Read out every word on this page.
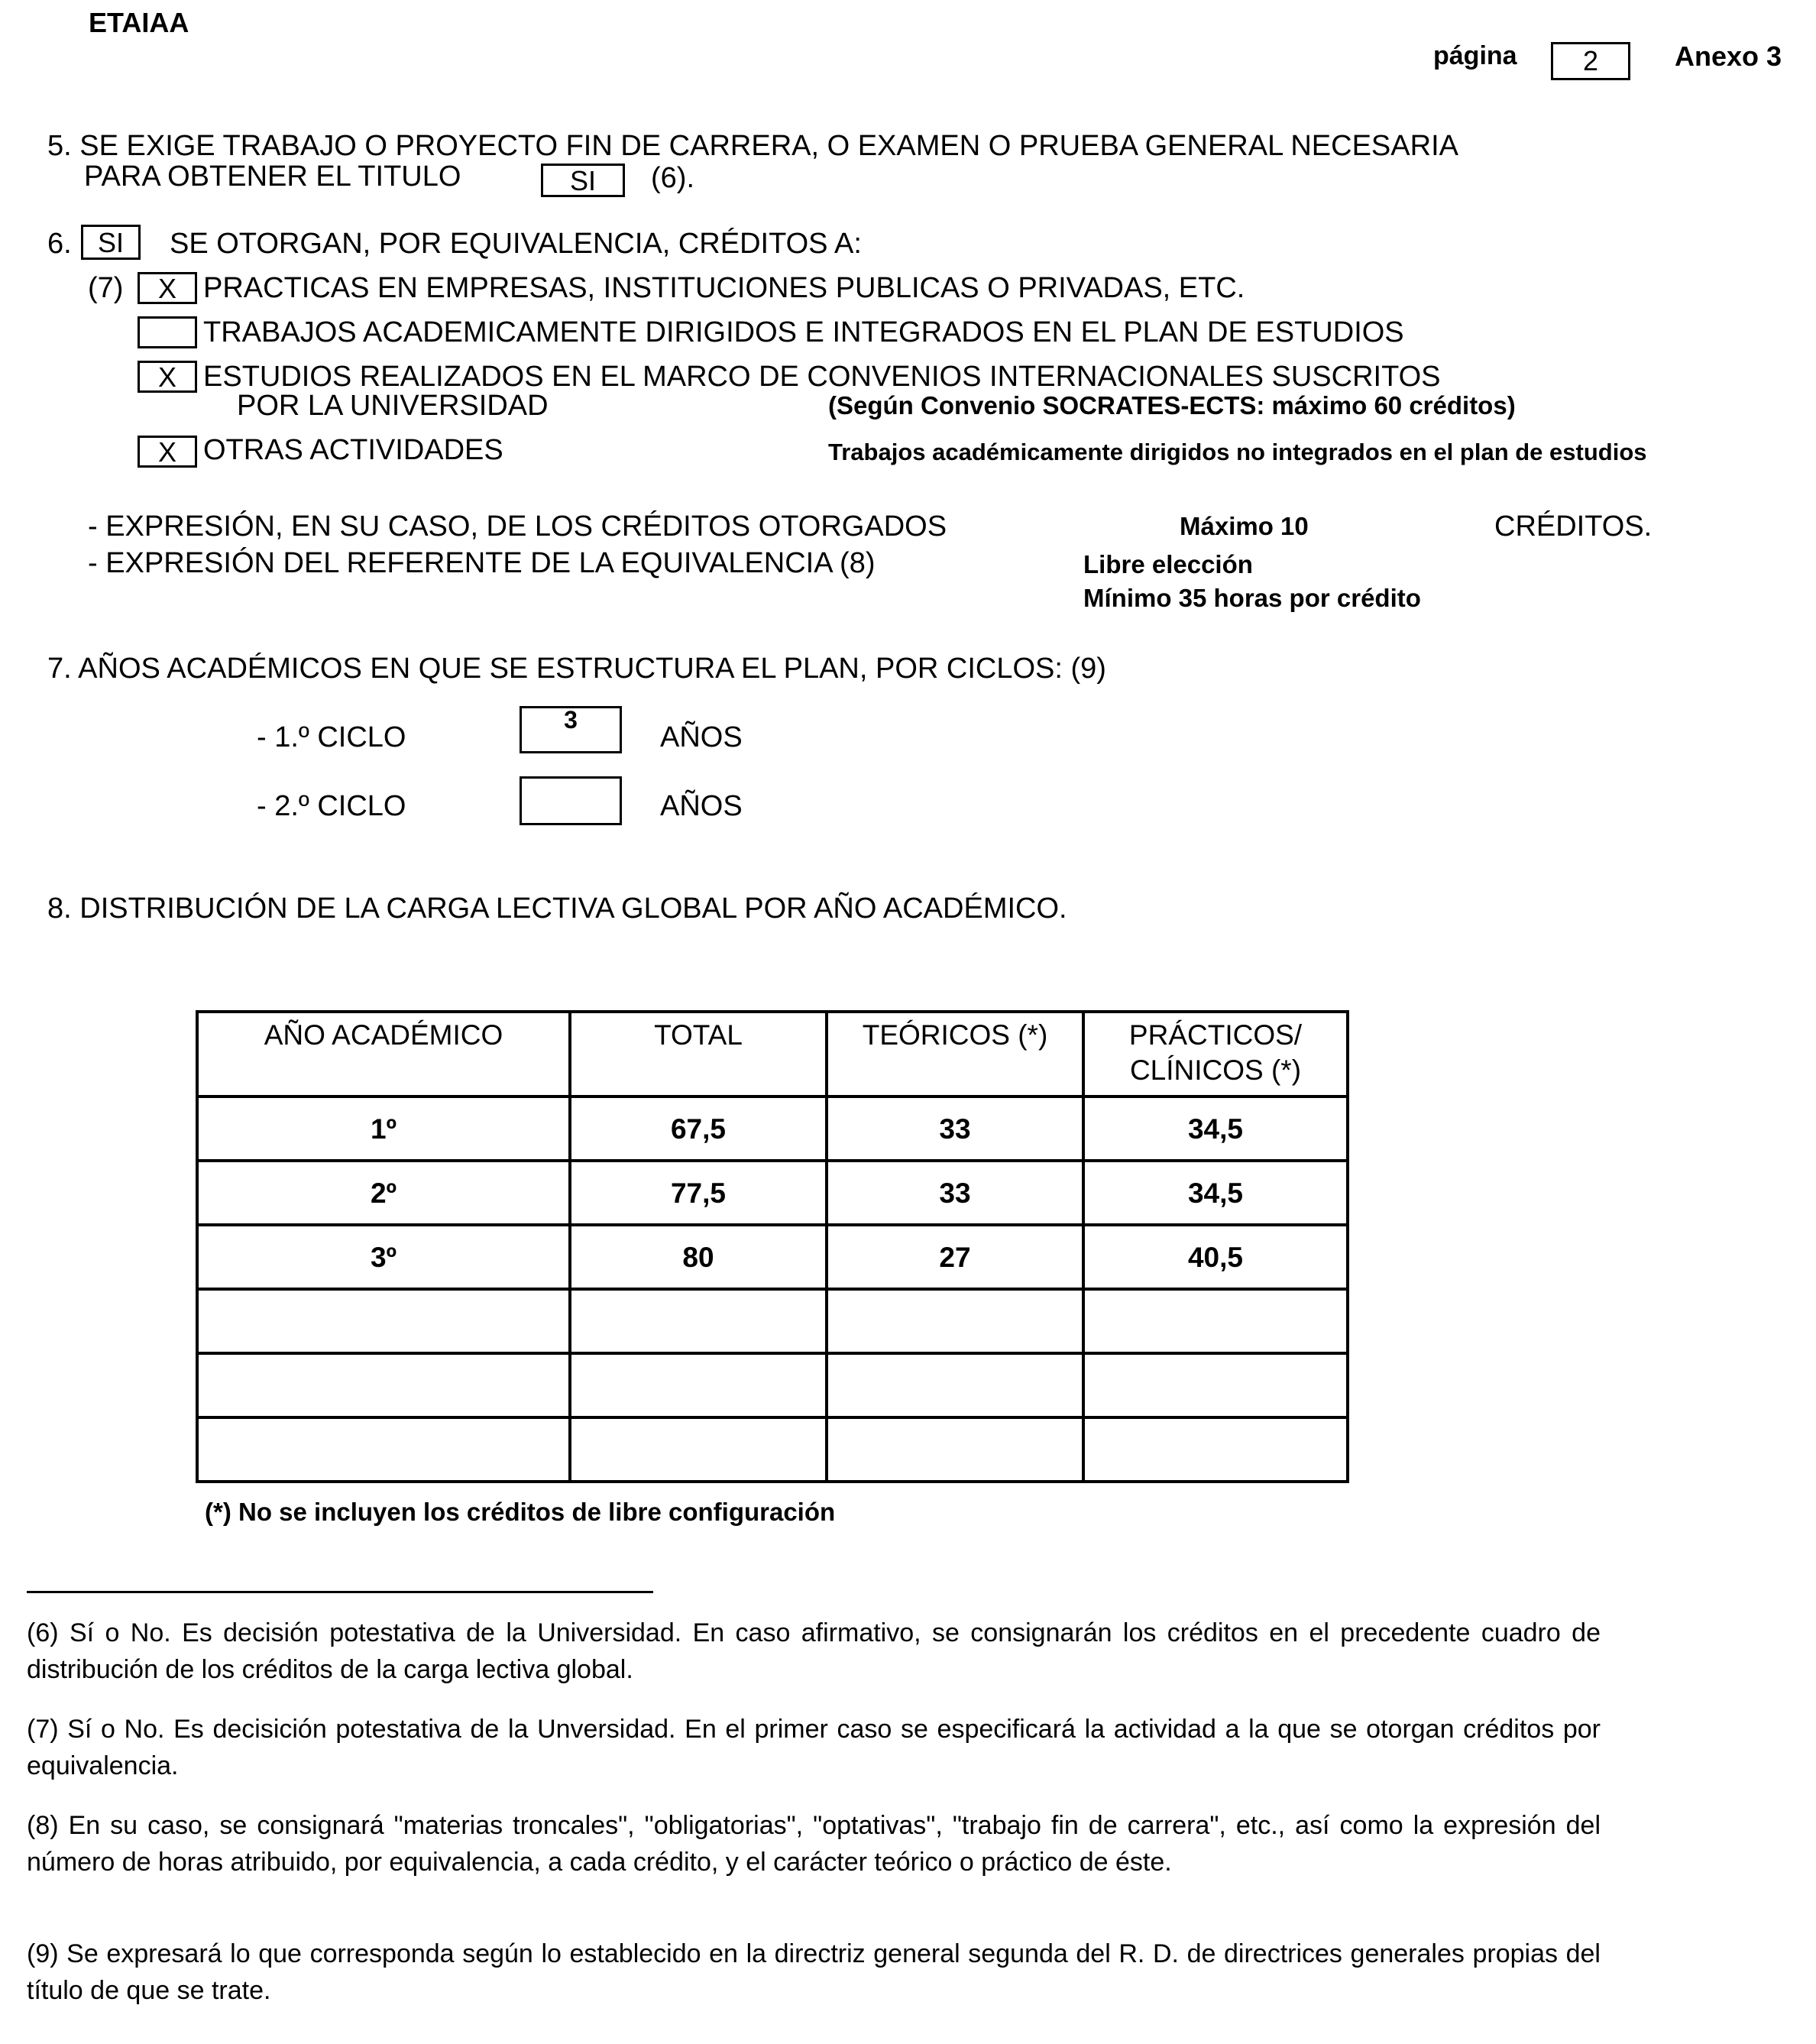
ETAIAA
página	2	Anexo 3
5. SE EXIGE TRABAJO O PROYECTO FIN DE CARRERA, O EXAMEN O PRUEBA GENERAL NECESARIA
PARA OBTENER EL TITULO	SI	(6).
6. SI	SE OTORGAN, POR EQUIVALENCIA, CRÉDITOS A:
(7)	X PRACTICAS EN EMPRESAS, INSTITUCIONES PUBLICAS O PRIVADAS, ETC.
TRABAJOS ACADEMICAMENTE DIRIGIDOS E INTEGRADOS EN EL PLAN DE ESTUDIOS
X ESTUDIOS REALIZADOS EN EL MARCO DE CONVENIOS INTERNACIONALES SUSCRITOS
POR LA UNIVERSIDAD	(Según Convenio SOCRATES-ECTS: máximo 60 créditos)
X OTRAS ACTIVIDADES	Trabajos académicamente dirigidos no integrados en el plan de estudios
- EXPRESIÓN, EN SU CASO, DE LOS CRÉDITOS OTORGADOS	Máximo 10	CRÉDITOS.
- EXPRESIÓN DEL REFERENTE DE LA EQUIVALENCIA (8)	Libre elección
Mínimo 35 horas por crédito
7. AÑOS ACADÉMICOS EN QUE SE ESTRUCTURA EL PLAN, POR CICLOS: (9)
- 1.º CICLO
3
AÑOS
- 2.º CICLO	AÑOS
8. DISTRIBUCIÓN DE LA CARGA LECTIVA GLOBAL POR AÑO ACADÉMICO.
AÑO ACADÉMICO	TOTAL	TEÓRICOS (*)	PRÁCTICOS/
CLÍNICOS (*)
1º	67,5	33	34,5
2º	77,5	33	34,5
3º	80	27	40,5

(*) No se incluyen los créditos de libre configuración
(6) Sí o No. Es decisión potestativa de la Universidad. En caso afirmativo, se consignarán los créditos en el precedente cuadro de distribución de los créditos de la carga lectiva global.
(7) Sí o No. Es decisición potestativa de la Unversidad. En el primer caso se especificará la actividad a la que se otorgan créditos por equivalencia.
(8) En su caso, se consignará "materias troncales", "obligatorias", "optativas", "trabajo fin de carrera", etc., así como la expresión del número de horas atribuido, por equivalencia, a cada crédito, y el carácter teórico o práctico de éste.
(9) Se expresará lo que corresponda según lo establecido en la directriz general segunda del R. D. de directrices generales propias del título de que se trate.
